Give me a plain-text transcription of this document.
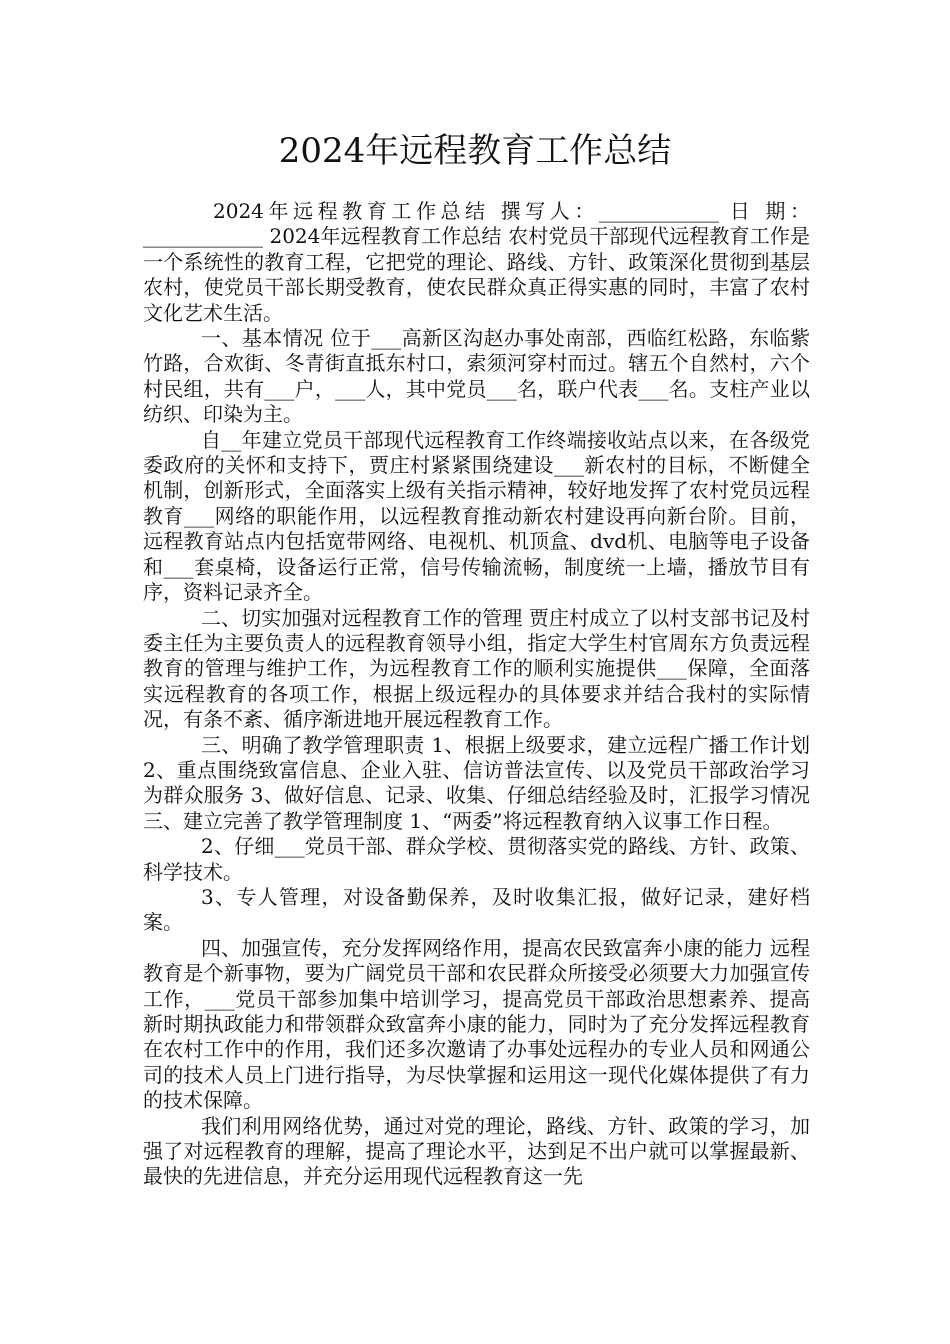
2024年远程教育工作总结

2024年远程教育工作总结 撰写人：____________ 日 期：____________ 2024年远程教育工作总结 农村党员干部现代远程教育工作是一个系统性的教育工程，它把党的理论、路线、方针、政策深化贯彻到基层农村，使党员干部长期受教育，使农民群众真正得实惠的同时，丰富了农村文化艺术生活。

一、基本情况 位于___高新区沟赵办事处南部，西临红松路，东临紫竹路，合欢街、冬青街直抵东村口，索须河穿村而过。辖五个自然村，六个村民组，共有___户，___人，其中党员___名，联户代表___名。支柱产业以纺织、印染为主。

自__年建立党员干部现代远程教育工作终端接收站点以来，在各级党委政府的关怀和支持下，贾庄村紧紧围绕建设___新农村的目标，不断健全机制，创新形式，全面落实上级有关指示精神，较好地发挥了农村党员远程教育___网络的职能作用，以远程教育推动新农村建设再向新台阶。目前，远程教育站点内包括宽带网络、电视机、机顶盒、dvd机、电脑等电子设备和___套桌椅，设备运行正常，信号传输流畅，制度统一上墙，播放节目有序，资料记录齐全。

二、切实加强对远程教育工作的管理 贾庄村成立了以村支部书记及村委主任为主要负责人的远程教育领导小组，指定大学生村官周东方负责远程教育的管理与维护工作，为远程教育工作的顺利实施提供___保障，全面落实远程教育的各项工作，根据上级远程办的具体要求并结合我村的实际情况，有条不紊、循序渐进地开展远程教育工作。

三、明确了教学管理职责 1、根据上级要求，建立远程广播工作计划 2、重点围绕致富信息、企业入驻、信访普法宣传、以及党员干部政治学习为群众服务 3、做好信息、记录、收集、仔细总结经验及时，汇报学习情况 三、建立完善了教学管理制度 1、“两委”将远程教育纳入议事工作日程。

2、仔细___党员干部、群众学校、贯彻落实党的路线、方针、政策、科学技术。

3、专人管理，对设备勤保养，及时收集汇报，做好记录，建好档案。

四、加强宣传，充分发挥网络作用，提高农民致富奔小康的能力 远程教育是个新事物，要为广阔党员干部和农民群众所接受必须要大力加强宣传工作，___党员干部参加集中培训学习，提高党员干部政治思想素养、提高新时期执政能力和带领群众致富奔小康的能力，同时为了充分发挥远程教育在农村工作中的作用，我们还多次邀请了办事处远程办的专业人员和网通公司的技术人员上门进行指导，为尽快掌握和运用这一现代化媒体提供了有力的技术保障。

我们利用网络优势，通过对党的理论，路线、方针、政策的学习，加强了对远程教育的理解，提高了理论水平，达到足不出户就可以掌握最新、最快的先进信息，并充分运用现代远程教育这一先
